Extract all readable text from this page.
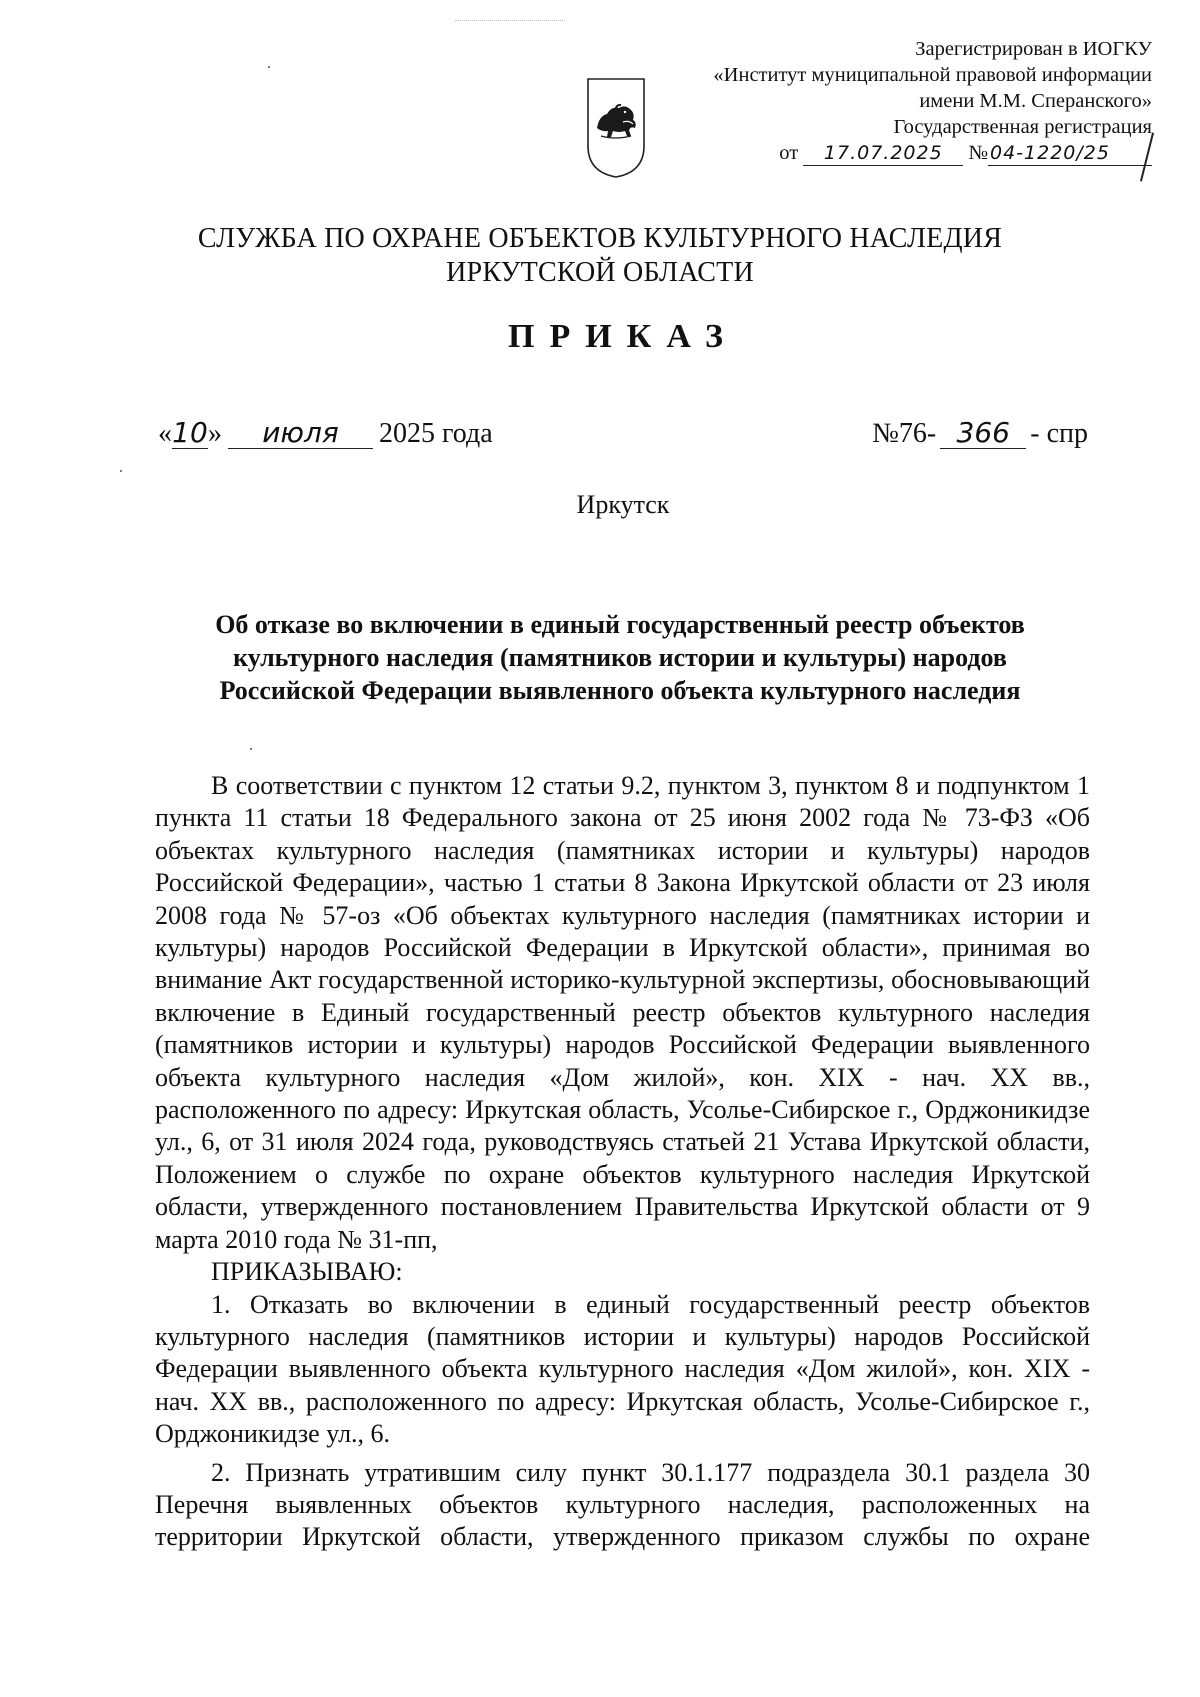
Зарегистрирован в ИОГКУ
«Институт муниципальной правовой информации
имени М.М. Сперанского»
Государственная регистрация
от 17.07.2025 № 04-1220/25
СЛУЖБА ПО ОХРАНЕ ОБЪЕКТОВ КУЛЬТУРНОГО НАСЛЕДИЯ
ИРКУТСКОЙ ОБЛАСТИ
ПРИКАЗ
«10» июля 2025 года	№76- 366 - спр
Иркутск
Об отказе во включении в единый государственный реестр объектов
культурного наследия (памятников истории и культуры) народов
Российской Федерации выявленного объекта культурного наследия

В соответствии с пунктом 12 статьи 9.2, пунктом 3, пунктом 8 и подпунктом 1 пункта 11 статьи 18 Федерального закона от 25 июня 2002 года № 73-ФЗ «Об объектах культурного наследия (памятниках истории и культуры) народов Российской Федерации», частью 1 статьи 8 Закона Иркутской области от 23 июля 2008 года № 57-оз «Об объектах культурного наследия (памятниках истории и культуры) народов Российской Федерации в Иркутской области», принимая во внимание Акт государственной историко-культурной экспертизы, обосновывающий включение в Единый государственный реестр объектов культурного наследия (памятников истории и культуры) народов Российской Федерации выявленного объекта культурного наследия «Дом жилой», кон. XIX - нач. XX вв., расположенного по адресу: Иркутская область, Усолье-Сибирское г., Орджоникидзе ул., 6, от 31 июля 2024 года, руководствуясь статьей 21 Устава Иркутской области, Положением о службе по охране объектов культурного наследия Иркутской области, утвержденного постановлением Правительства Иркутской области от 9 марта 2010 года № 31-пп,

ПРИКАЗЫВАЮ:

1. Отказать во включении в единый государственный реестр объектов культурного наследия (памятников истории и культуры) народов Российской Федерации выявленного объекта культурного наследия «Дом жилой», кон. XIX - нач. XX вв., расположенного по адресу: Иркутская область, Усолье-Сибирское г., Орджоникидзе ул., 6.

2. Признать утратившим силу пункт 30.1.177 подраздела 30.1 раздела 30 Перечня выявленных объектов культурного наследия, расположенных на территории Иркутской области, утвержденного приказом службы по охране
